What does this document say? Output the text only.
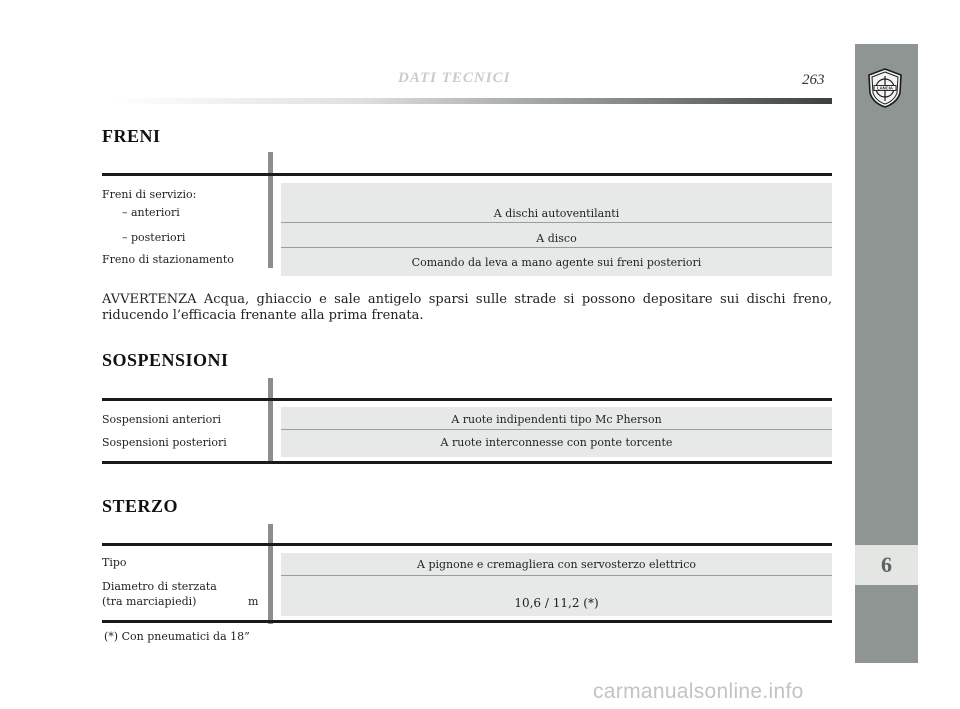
LANCIA
6
DATI TECNICI	263
FRENI
Freni di servizio:
– anteriori	A dischi autoventilanti
– posteriori	A disco
Freno di stazionamento	Comando da leva a mano agente sui freni posteriori
AVVERTENZA Acqua, ghiaccio e sale antigelo sparsi sulle strade si possono depositare sui dischi freno, riducendo l’efficacia frenante alla prima frenata.
SOSPENSIONI
Sospensioni anteriori	A ruote indipendenti tipo Mc Pherson
Sospensioni posteriori	A ruote interconnesse con ponte torcente
STERZO
Tipo	A pignone e cremagliera con servosterzo elettrico
Diametro di sterzata
(tra marciapiedi)	m	10,6 / 11,2 (*)
(*) Con pneumatici da 18”
carmanualsonline.info
